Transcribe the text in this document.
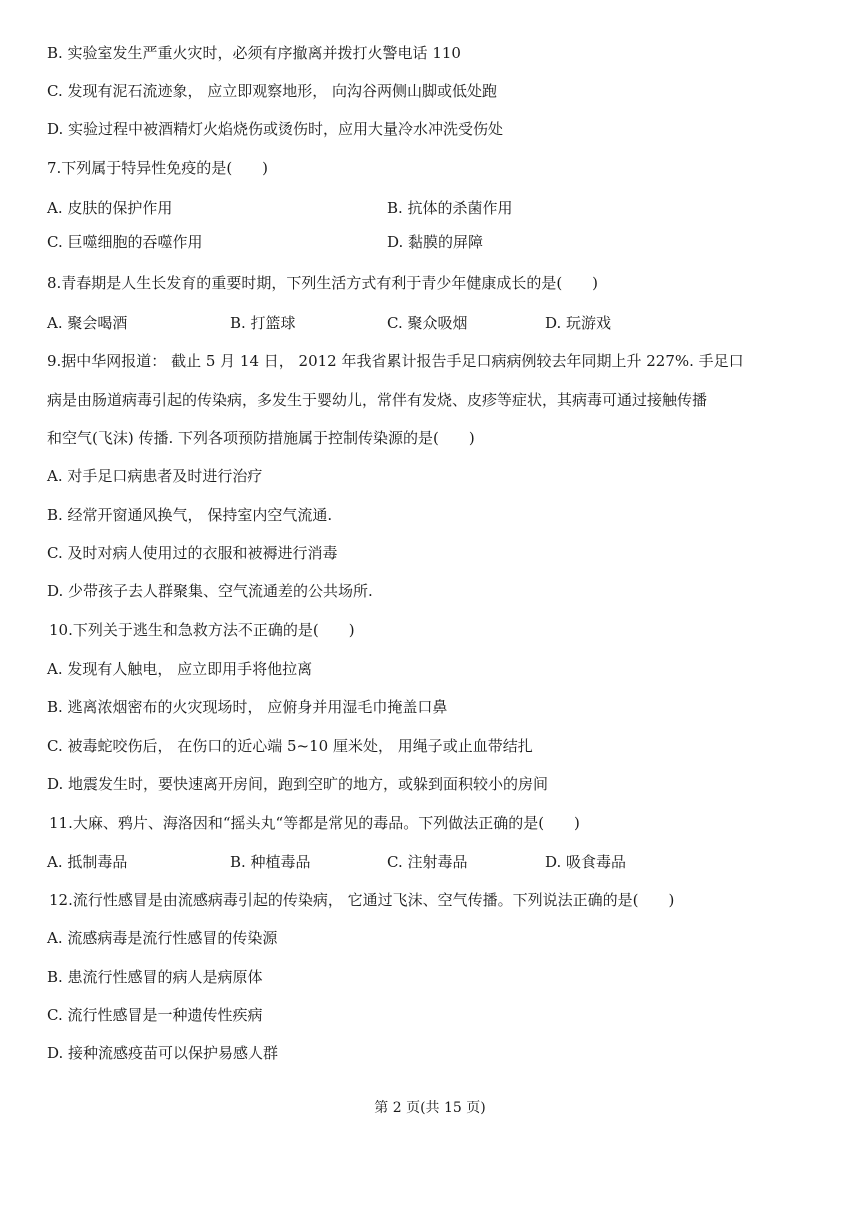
B. 实验室发生严重火灾时，必须有序撤离并拨打火警电话 110
C. 发现有泥石流迹象， 应立即观察地形， 向沟谷两侧山脚或低处跑
D. 实验过程中被酒精灯火焰烧伤或烫伤时，应用大量冷水冲洗受伤处
7.下列属于特异性免疫的是(　　)
A. 皮肤的保护作用	B. 抗体的杀菌作用
C. 巨噬细胞的吞噬作用	D. 黏膜的屏障
8.青春期是人生长发育的重要时期，下列生活方式有利于青少年健康成长的是(　　)
A. 聚会喝酒	B. 打篮球	C. 聚众吸烟	D. 玩游戏
9.据中华网报道： 截止 5 月 14 日， 2012 年我省累计报告手足口病病例较去年同期上升 227%. 手足口
病是由肠道病毒引起的传染病，多发生于婴幼儿，常伴有发烧、皮疹等症状，其病毒可通过接触传播
和空气(飞沫) 传播. 下列各项预防措施属于控制传染源的是(　　)
A. 对手足口病患者及时进行治疗
B. 经常开窗通风换气， 保持室内空气流通.
C. 及时对病人使用过的衣服和被褥进行消毒
D. 少带孩子去人群聚集、空气流通差的公共场所.
10.下列关于逃生和急救方法不正确的是(　　)
A. 发现有人触电， 应立即用手将他拉离
B. 逃离浓烟密布的火灾现场时， 应俯身并用湿毛巾掩盖口鼻
C. 被毒蛇咬伤后， 在伤口的近心端 5~10 厘米处， 用绳子或止血带结扎
D. 地震发生时，要快速离开房间，跑到空旷的地方，或躲到面积较小的房间
11.大麻、鸦片、海洛因和“摇头丸“等都是常见的毒品。下列做法正确的是(　　)
A. 抵制毒品	B. 种植毒品	C. 注射毒品	D. 吸食毒品
12.流行性感冒是由流感病毒引起的传染病， 它通过飞沫、空气传播。下列说法正确的是(　　)
A. 流感病毒是流行性感冒的传染源
B. 患流行性感冒的病人是病原体
C. 流行性感冒是一种遗传性疾病
D. 接种流感疫苗可以保护易感人群
第 2 页(共 15 页)
